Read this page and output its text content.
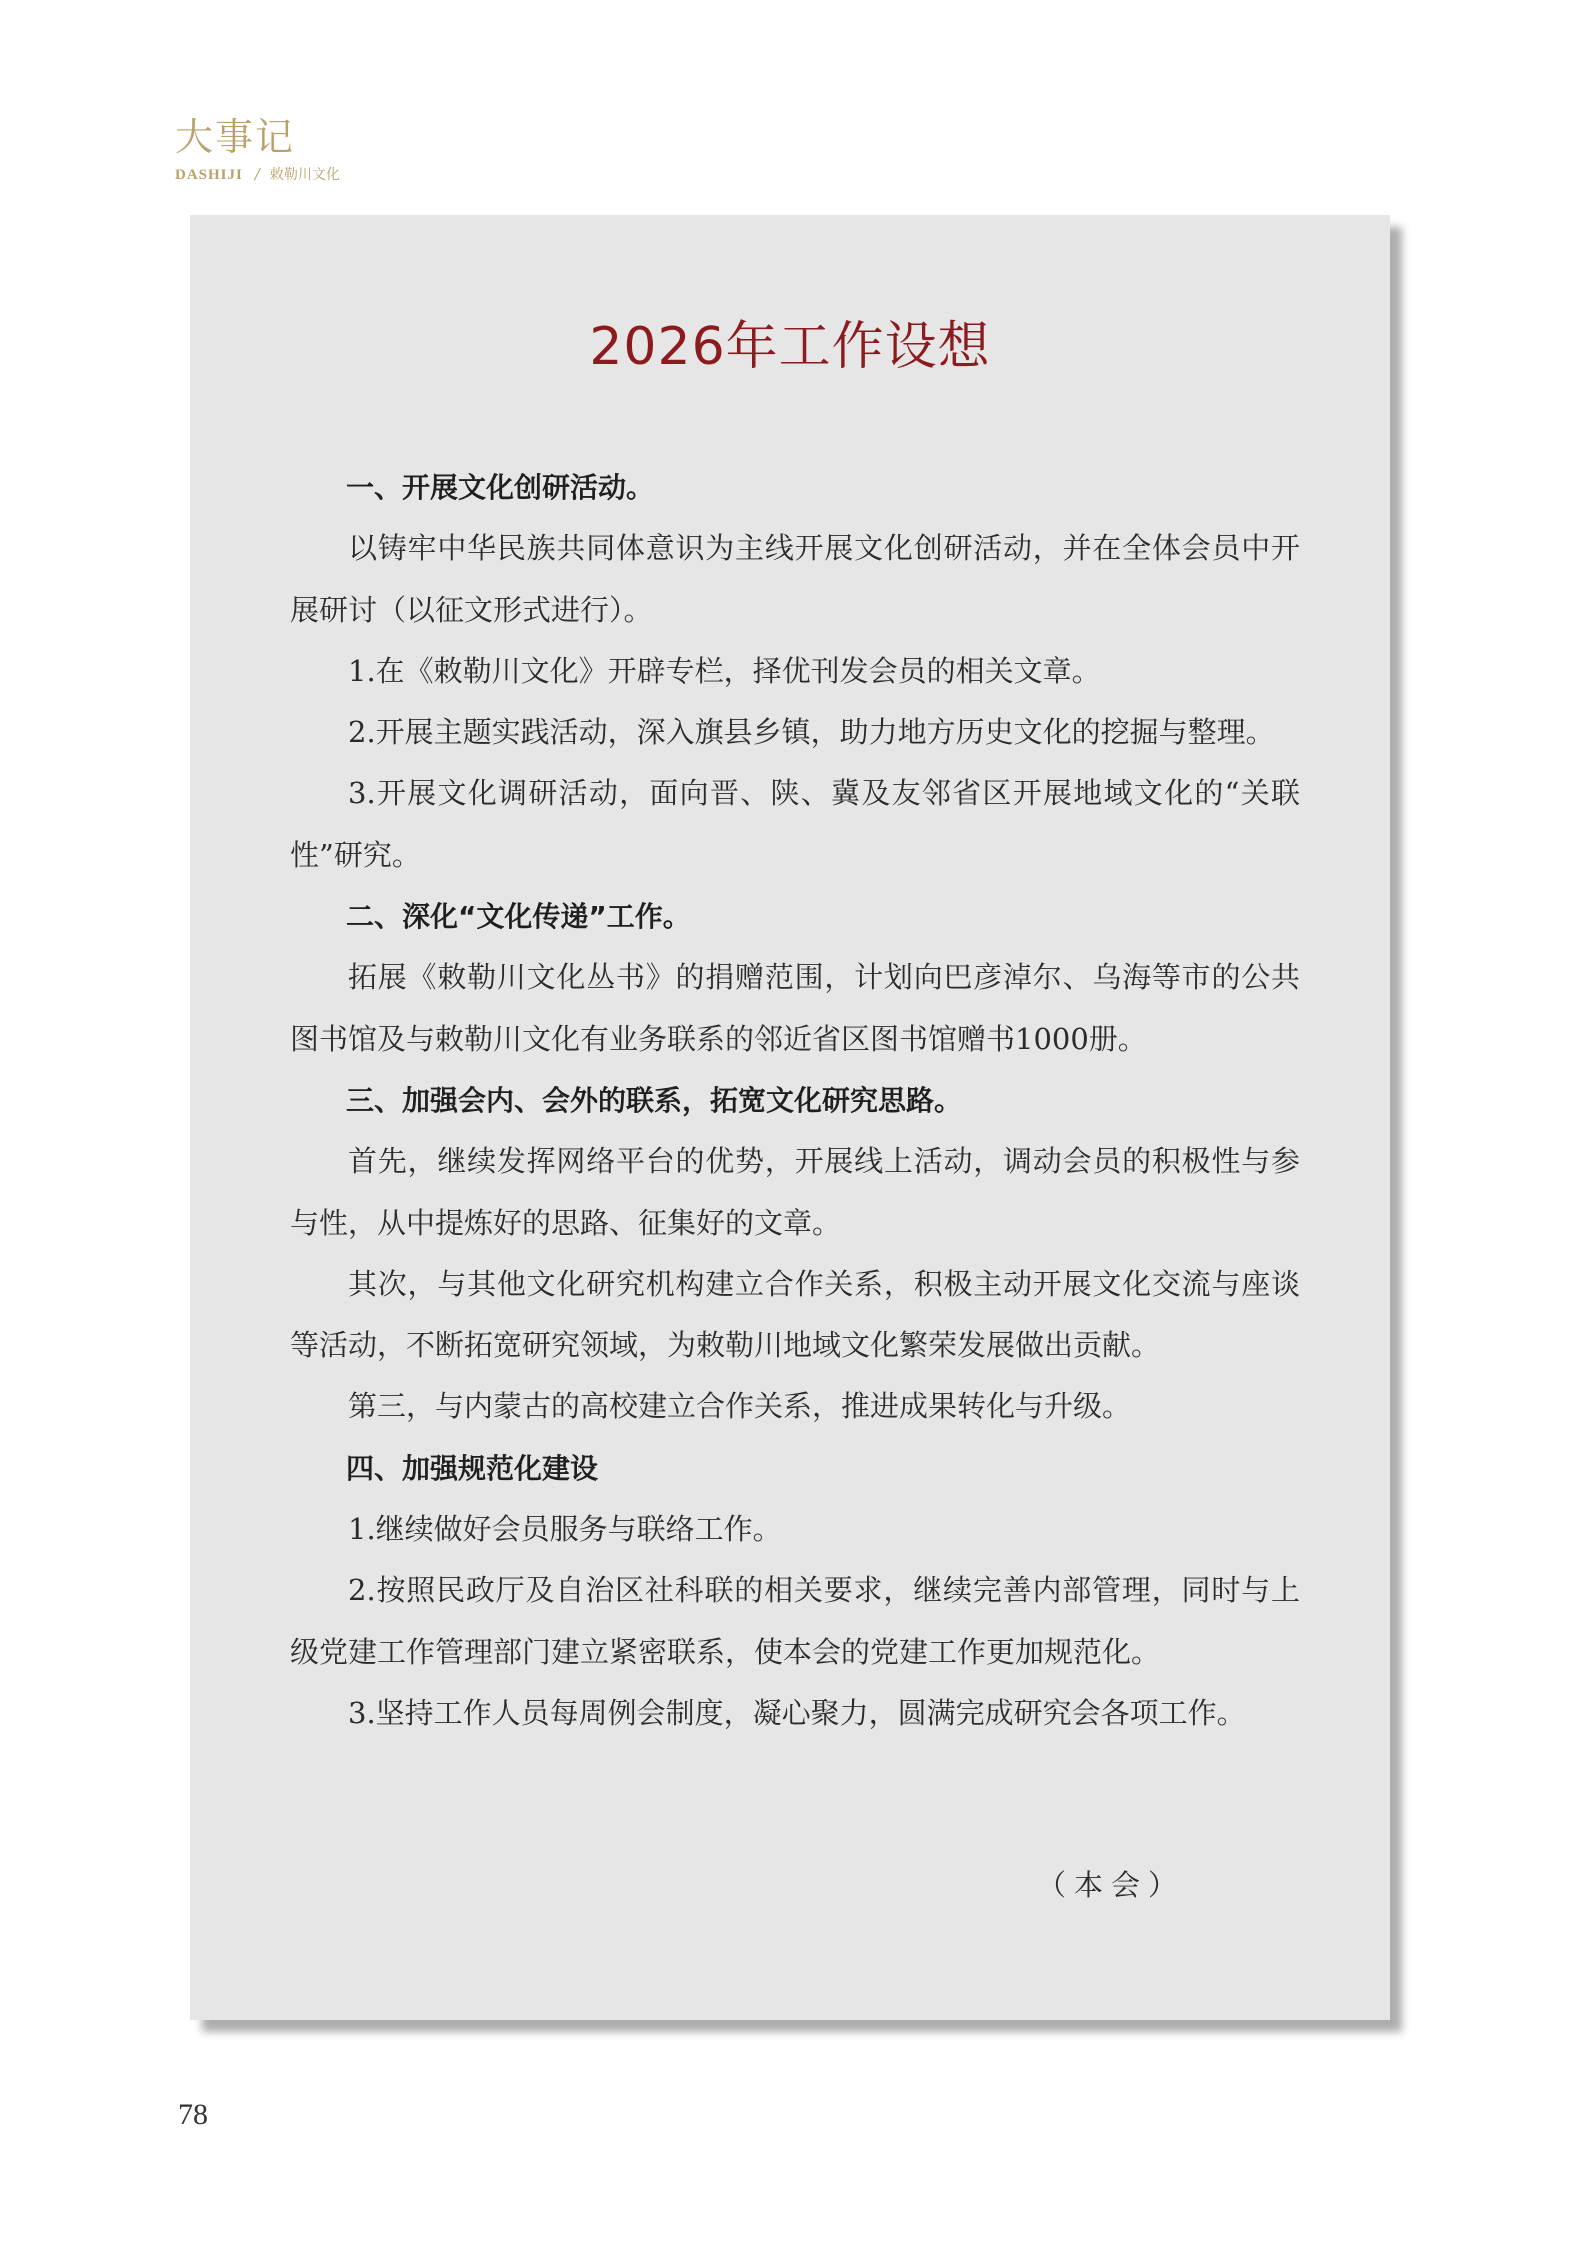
大事记
DASHIJI / 敕勒川文化
2026年工作设想

一、开展文化创研活动。

以铸牢中华民族共同体意识为主线开展文化创研活动，并在全体会员中开展研讨（以征文形式进行）。

1.在《敕勒川文化》开辟专栏，择优刊发会员的相关文章。

2.开展主题实践活动，深入旗县乡镇，助力地方历史文化的挖掘与整理。

3.开展文化调研活动，面向晋、陕、冀及友邻省区开展地域文化的“关联性”研究。

二、深化“文化传递”工作。

拓展《敕勒川文化丛书》的捐赠范围，计划向巴彦淖尔、乌海等市的公共图书馆及与敕勒川文化有业务联系的邻近省区图书馆赠书1000册。

三、加强会内、会外的联系，拓宽文化研究思路。

首先，继续发挥网络平台的优势，开展线上活动，调动会员的积极性与参与性，从中提炼好的思路、征集好的文章。

其次，与其他文化研究机构建立合作关系，积极主动开展文化交流与座谈等活动，不断拓宽研究领域，为敕勒川地域文化繁荣发展做出贡献。

第三，与内蒙古的高校建立合作关系，推进成果转化与升级。

四、加强规范化建设

1.继续做好会员服务与联络工作。

2.按照民政厅及自治区社科联的相关要求，继续完善内部管理，同时与上级党建工作管理部门建立紧密联系，使本会的党建工作更加规范化。

3.坚持工作人员每周例会制度，凝心聚力，圆满完成研究会各项工作。

（本会）
78
